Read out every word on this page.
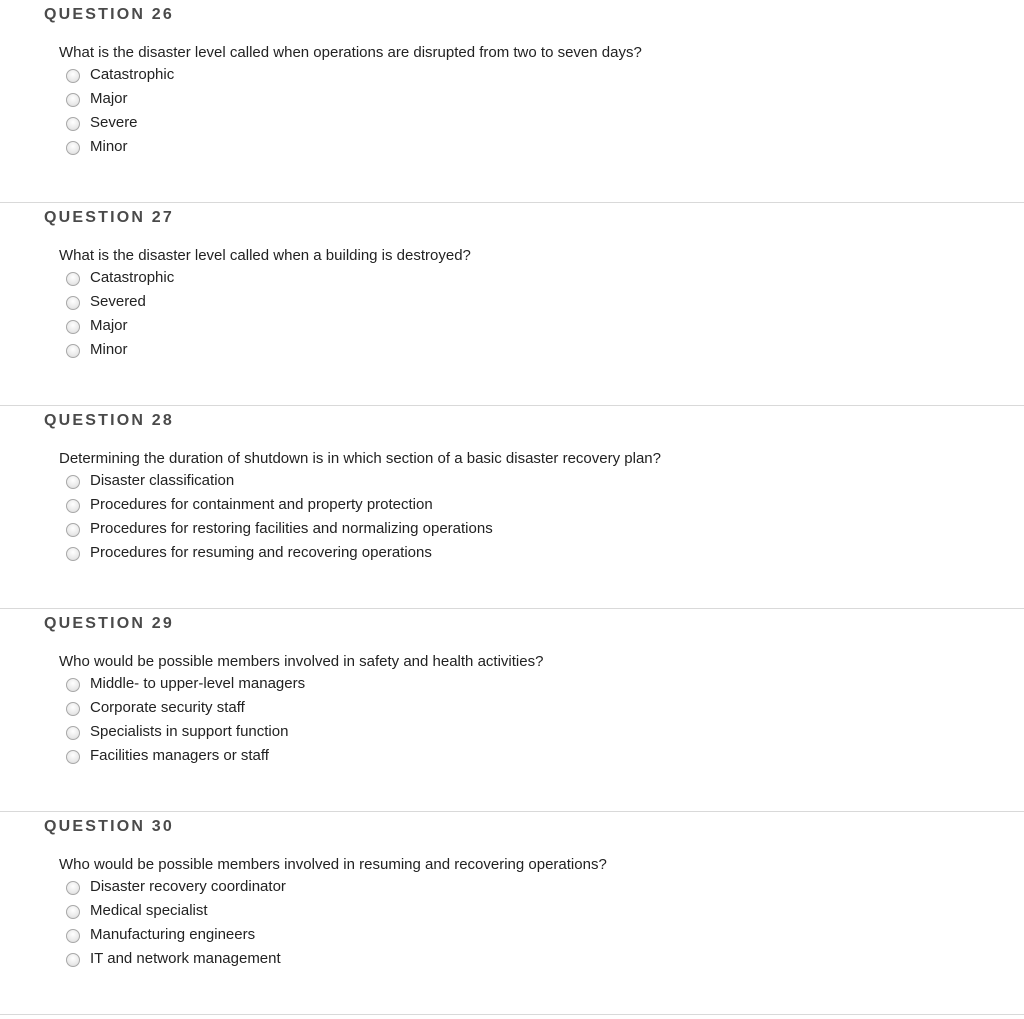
QUESTION 26

What is the disaster level called when operations are disrupted from two to seven days?

Catastrophic
Major
Severe
Minor
QUESTION 27

What is the disaster level called when a building is destroyed?

Catastrophic
Severed
Major
Minor
QUESTION 28

Determining the duration of shutdown is in which section of a basic disaster recovery plan?

Disaster classification
Procedures for containment and property protection
Procedures for restoring facilities and normalizing operations
Procedures for resuming and recovering operations
QUESTION 29

Who would be possible members involved in safety and health activities?

Middle- to upper-level managers
Corporate security staff
Specialists in support function
Facilities managers or staff
QUESTION 30

Who would be possible members involved in resuming and recovering operations?

Disaster recovery coordinator
Medical specialist
Manufacturing engineers
IT and network management
